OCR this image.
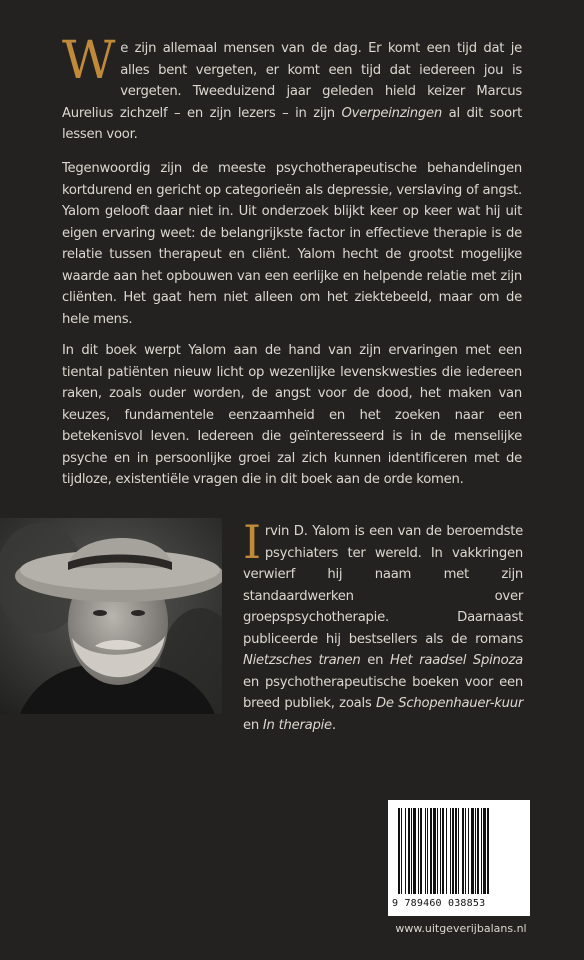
We zijn allemaal mensen van de dag. Er komt een tijd dat je alles bent vergeten, er komt een tijd dat iedereen jou is vergeten. Tweeduizend jaar geleden hield keizer Marcus Aurelius zichzelf – en zijn lezers – in zijn Overpeinzingen al dit soort lessen voor.

Tegenwoordig zijn de meeste psychotherapeutische behandelingen kortdurend en gericht op categorieën als depressie, verslaving of angst. Yalom gelooft daar niet in. Uit onderzoek blijkt keer op keer wat hij uit eigen ervaring weet: de belangrijkste factor in effectieve therapie is de relatie tussen therapeut en cliënt. Yalom hecht de grootst mogelijke waarde aan het opbouwen van een eerlijke en helpende relatie met zijn cliënten. Het gaat hem niet alleen om het ziektebeeld, maar om de hele mens.

In dit boek werpt Yalom aan de hand van zijn ervaringen met een tiental patiënten nieuw licht op wezenlijke levenskwesties die iedereen raken, zoals ouder worden, de angst voor de dood, het maken van keuzes, fundamentele eenzaamheid en het zoeken naar een betekenisvol leven. Iedereen die geïnteresseerd is in de menselijke psyche en in persoonlijke groei zal zich kunnen identificeren met de tijdloze, existentiële vragen die in dit boek aan de orde komen.

Irvin D. Yalom is een van de beroemdste psychiaters ter wereld. In vakkringen verwierf hij naam met zijn standaardwerken over groepspsychotherapie. Daarnaast publiceerde hij bestsellers als de romans Nietzsches tranen en Het raadsel Spinoza en psychotherapeutische boeken voor een breed publiek, zoals De Schopenhauer-kuur en In therapie.

9 789460 038853
www.uitgeverijbalans.nl
